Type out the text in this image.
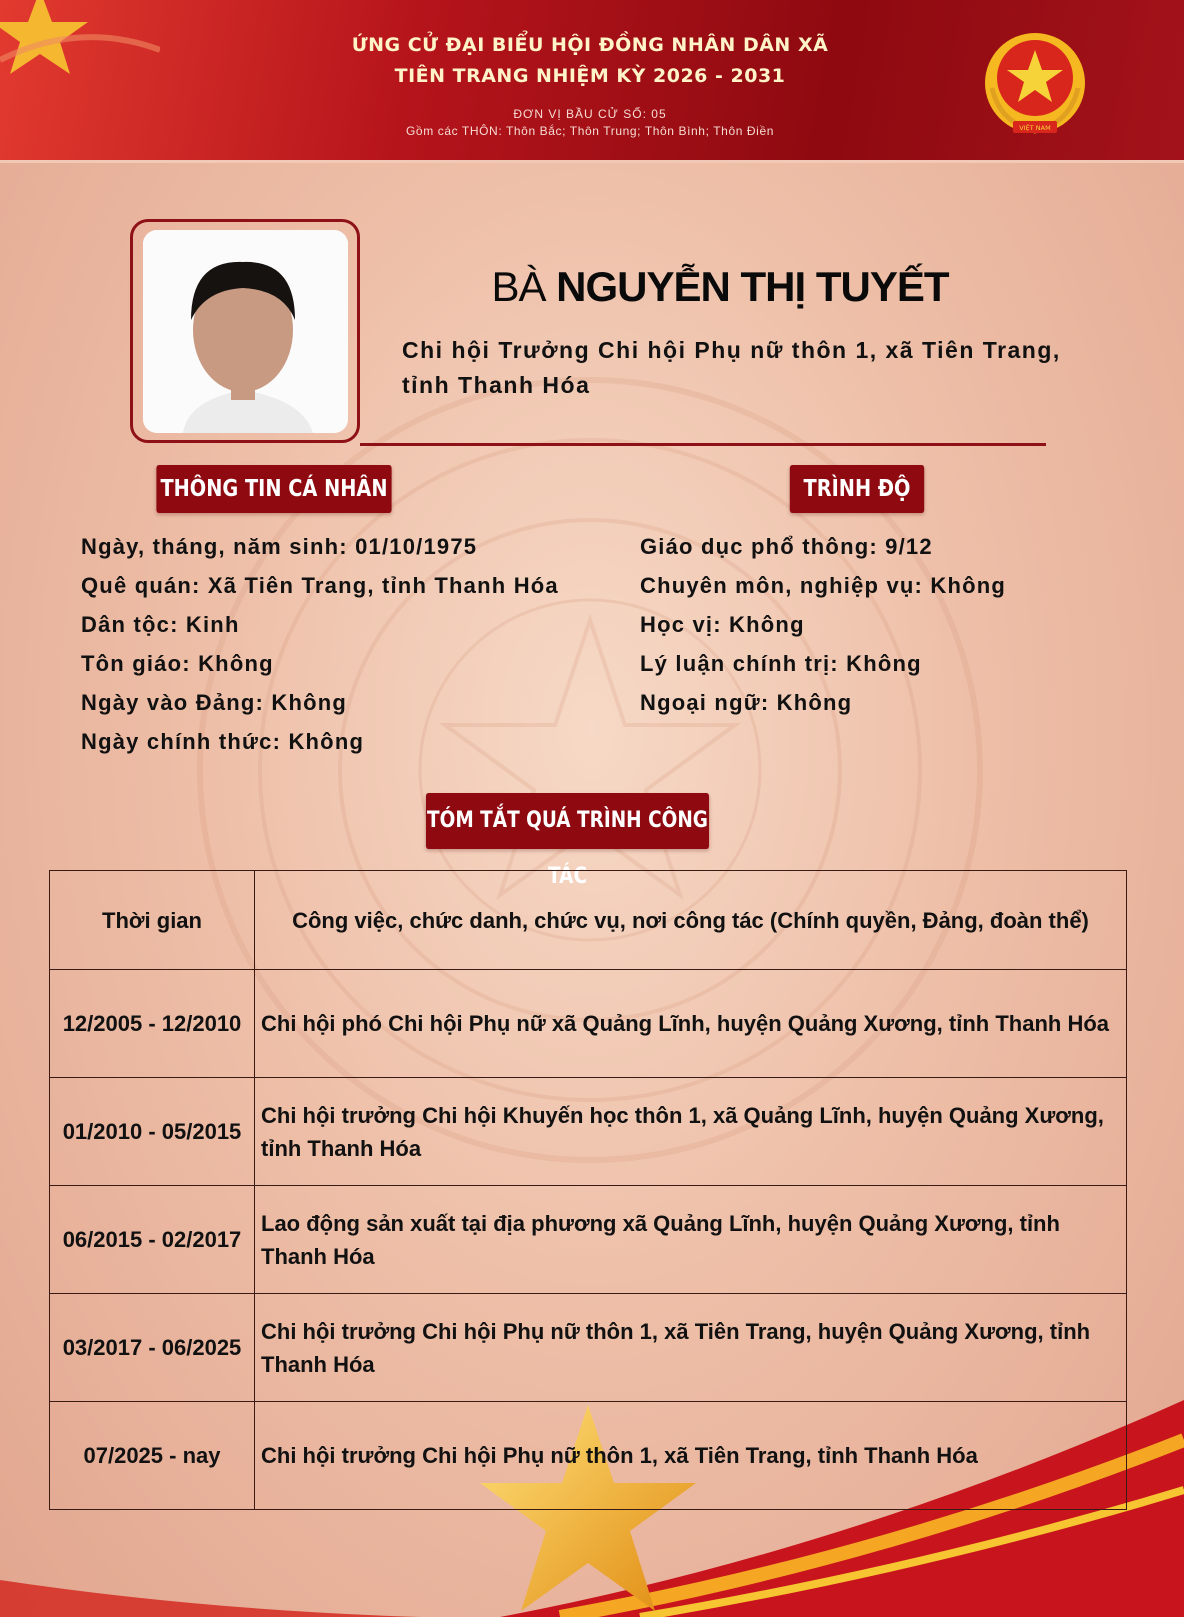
ỨNG CỬ ĐẠI BIỂU HỘI ĐỒNG NHÂN DÂN XÃ
TIÊN TRANG NHIỆM KỲ 2026 - 2031
ĐƠN VỊ BẦU CỬ SỐ: 05
Gồm các THÔN: Thôn Bắc; Thôn Trung; Thôn Bình; Thôn Điền	VIỆT NAM
BÀ NGUYỄN THỊ TUYẾT

Chi hội Trưởng Chi hội Phụ nữ thôn 1, xã Tiên Trang, tỉnh Thanh Hóa

THÔNG TIN CÁ NHÂN	TRÌNH ĐỘ
Ngày, tháng, năm sinh: 01/10/1975
Quê quán: Xã Tiên Trang, tỉnh Thanh Hóa
Dân tộc: Kinh
Tôn giáo: Không
Ngày vào Đảng: Không
Ngày chính thức: Không
Giáo dục phổ thông: 9/12
Chuyên môn, nghiệp vụ: Không
Học vị: Không
Lý luận chính trị: Không
Ngoại ngữ: Không
TÓM TẮT QUÁ TRÌNH CÔNG TÁC
Thời gian	Công việc, chức danh, chức vụ, nơi công tác (Chính quyền, Đảng, đoàn thể)
12/2005 - 12/2010	Chi hội phó Chi hội Phụ nữ xã Quảng Lĩnh, huyện Quảng Xương, tỉnh Thanh Hóa
01/2010 - 05/2015	Chi hội trưởng Chi hội Khuyến học thôn 1, xã Quảng Lĩnh, huyện Quảng Xương, tỉnh Thanh Hóa
06/2015 - 02/2017	Lao động sản xuất tại địa phương xã Quảng Lĩnh, huyện Quảng Xương, tỉnh Thanh Hóa
03/2017 - 06/2025	Chi hội trưởng Chi hội Phụ nữ thôn 1, xã Tiên Trang, huyện Quảng Xương, tỉnh Thanh Hóa
07/2025 - nay	Chi hội trưởng Chi hội Phụ nữ thôn 1, xã Tiên Trang, tỉnh Thanh Hóa
